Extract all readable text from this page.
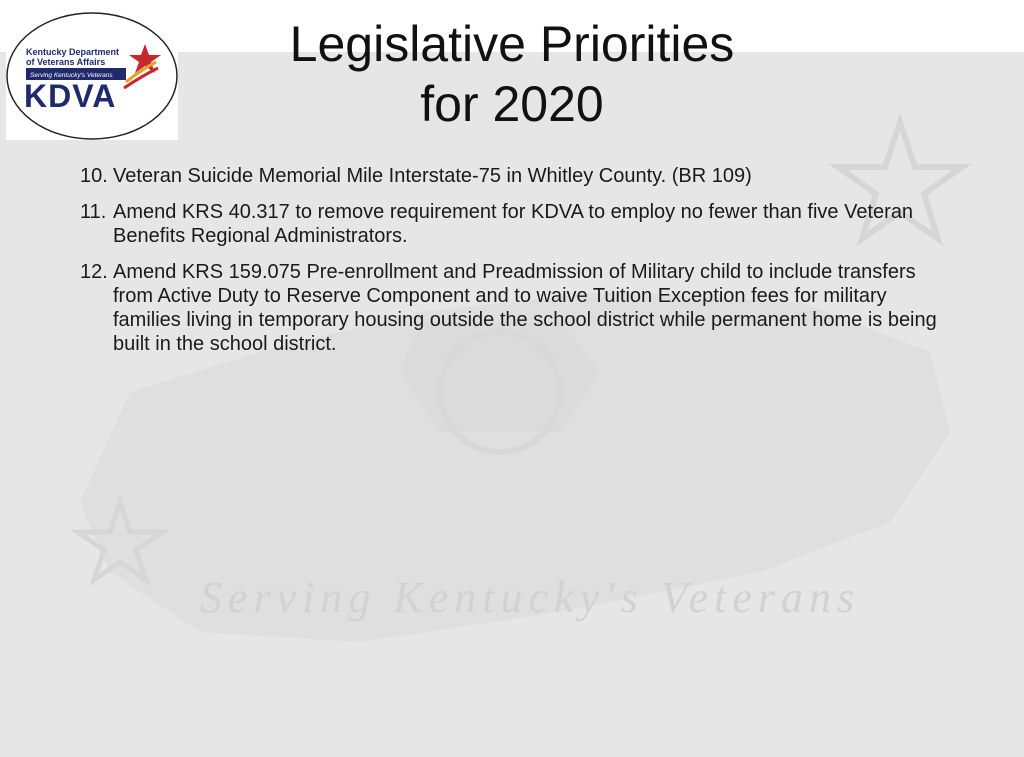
Serving Kentucky's Veterans
Kentucky Department
of Veterans Affairs
Serving Kentucky's Veterans
KDVA
Legislative Priorities
for 2020
10. Veteran Suicide Memorial Mile Interstate-75 in Whitley County. (BR 109)
11. Amend KRS 40.317 to remove requirement for KDVA to employ no fewer than five Veteran Benefits Regional Administrators.
12. Amend KRS 159.075 Pre-enrollment and Preadmission of Military child to include transfers from Active Duty to Reserve Component and to waive Tuition Exception fees for military families living in temporary housing outside the school district while permanent home is being built in the school district.
